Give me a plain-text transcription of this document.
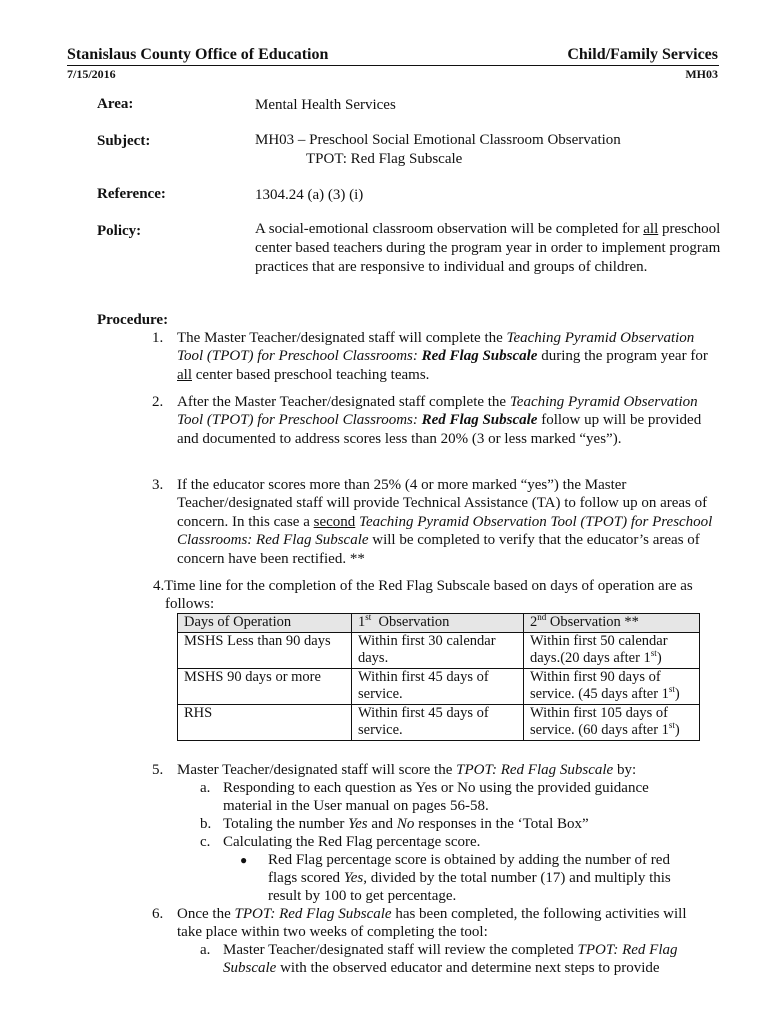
Stanislaus County Office of Education	Child/Family Services
7/15/2016	MH03
Area:	Mental Health Services
Subject:	MH03 – Preschool Social Emotional Classroom Observation
TPOT: Red Flag Subscale
Reference:	1304.24 (a) (3) (i)
Policy:	A social-emotional classroom observation will be completed for all preschool center based teachers during the program year in order to implement program practices that are responsive to individual and groups of children.
Procedure:
1. The Master Teacher/designated staff will complete the Teaching Pyramid Observation Tool (TPOT) for Preschool Classrooms: Red Flag Subscale during the program year for all center based preschool teaching teams.
2. After the Master Teacher/designated staff complete the Teaching Pyramid Observation Tool (TPOT) for Preschool Classrooms: Red Flag Subscale follow up will be provided and documented to address scores less than 20% (3 or less marked “yes”).
3. If the educator scores more than 25% (4 or more marked “yes”) the Master Teacher/designated staff will provide Technical Assistance (TA) to follow up on areas of concern. In this case a second Teaching Pyramid Observation Tool (TPOT) for Preschool Classrooms: Red Flag Subscale will be completed to verify that the educator’s areas of concern have been rectified. **
4.Time line for the completion of the Red Flag Subscale based on days of operation are as
follows:
Days of Operation	1st  Observation	2nd Observation **
MSHS Less than 90 days	Within first 30 calendar days.	Within first 50 calendar days.(20 days after 1st)
MSHS 90 days or more	Within first 45 days of service.	Within first 90 days of service. (45 days after 1st)
RHS	Within first 45 days of service.	Within first 105 days of service. (60 days after 1st)
5. Master Teacher/designated staff will score the TPOT: Red Flag Subscale by:
a. Responding to each question as Yes or No using the provided guidance
material in the User manual on pages 56-58.
b. Totaling the number Yes and No responses in the ‘Total Box”
c. Calculating the Red Flag percentage score.
● Red Flag percentage score is obtained by adding the number of red
flags scored Yes, divided by the total number (17) and multiply this
result by 100 to get percentage.
6. Once the TPOT: Red Flag Subscale has been completed, the following activities will
take place within two weeks of completing the tool:
a. Master Teacher/designated staff will review the completed TPOT: Red Flag
Subscale with the observed educator and determine next steps to provide
